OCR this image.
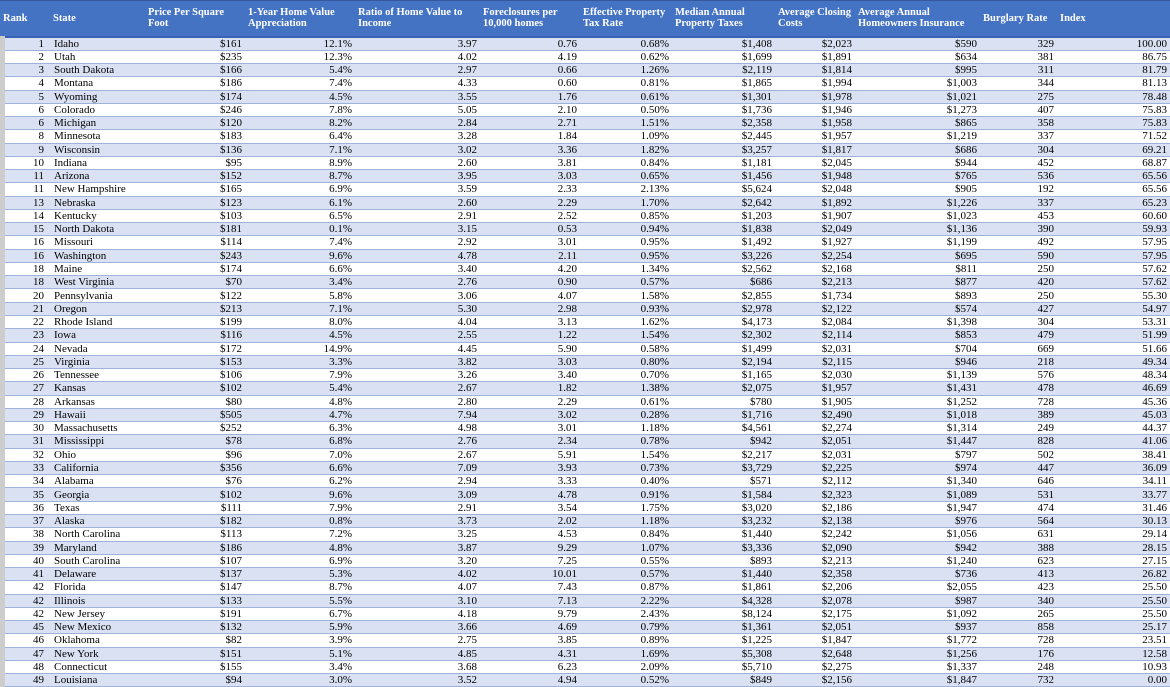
Rank	State	Price Per Square Foot	1-Year Home Value Appreciation	Ratio of Home Value to Income	Foreclosures per 10,000 homes	Effective Property Tax Rate	Median Annual Property Taxes	Average Closing Costs	Average Annual Homeowners Insurance	Burglary Rate	Index
1	Idaho	$161	12.1%	3.97	0.76	0.68%	$1,408	$2,023	$590	329	100.00
2	Utah	$235	12.3%	4.02	4.19	0.62%	$1,699	$1,891	$634	381	86.75
3	South Dakota	$166	5.4%	2.97	0.66	1.26%	$2,119	$1,814	$995	311	81.79
4	Montana	$186	7.4%	4.33	0.60	0.81%	$1,865	$1,994	$1,003	344	81.13
5	Wyoming	$174	4.5%	3.55	1.76	0.61%	$1,301	$1,978	$1,021	275	78.48
6	Colorado	$246	7.8%	5.05	2.10	0.50%	$1,736	$1,946	$1,273	407	75.83
6	Michigan	$120	8.2%	2.84	2.71	1.51%	$2,358	$1,958	$865	358	75.83
8	Minnesota	$183	6.4%	3.28	1.84	1.09%	$2,445	$1,957	$1,219	337	71.52
9	Wisconsin	$136	7.1%	3.02	3.36	1.82%	$3,257	$1,817	$686	304	69.21
10	Indiana	$95	8.9%	2.60	3.81	0.84%	$1,181	$2,045	$944	452	68.87
11	Arizona	$152	8.7%	3.95	3.03	0.65%	$1,456	$1,948	$765	536	65.56
11	New Hampshire	$165	6.9%	3.59	2.33	2.13%	$5,624	$2,048	$905	192	65.56
13	Nebraska	$123	6.1%	2.60	2.29	1.70%	$2,642	$1,892	$1,226	337	65.23
14	Kentucky	$103	6.5%	2.91	2.52	0.85%	$1,203	$1,907	$1,023	453	60.60
15	North Dakota	$181	0.1%	3.15	0.53	0.94%	$1,838	$2,049	$1,136	390	59.93
16	Missouri	$114	7.4%	2.92	3.01	0.95%	$1,492	$1,927	$1,199	492	57.95
16	Washington	$243	9.6%	4.78	2.11	0.95%	$3,226	$2,254	$695	590	57.95
18	Maine	$174	6.6%	3.40	4.20	1.34%	$2,562	$2,168	$811	250	57.62
18	West Virginia	$70	3.4%	2.76	0.90	0.57%	$686	$2,213	$877	420	57.62
20	Pennsylvania	$122	5.8%	3.06	4.07	1.58%	$2,855	$1,734	$893	250	55.30
21	Oregon	$213	7.1%	5.30	2.98	0.93%	$2,978	$2,122	$574	427	54.97
22	Rhode Island	$199	8.0%	4.04	3.13	1.62%	$4,173	$2,084	$1,398	304	53.31
23	Iowa	$116	4.5%	2.55	1.22	1.54%	$2,302	$2,114	$853	479	51.99
24	Nevada	$172	14.9%	4.45	5.90	0.58%	$1,499	$2,031	$704	669	51.66
25	Virginia	$153	3.3%	3.82	3.03	0.80%	$2,194	$2,115	$946	218	49.34
26	Tennessee	$106	7.9%	3.26	3.40	0.70%	$1,165	$2,030	$1,139	576	48.34
27	Kansas	$102	5.4%	2.67	1.82	1.38%	$2,075	$1,957	$1,431	478	46.69
28	Arkansas	$80	4.8%	2.80	2.29	0.61%	$780	$1,905	$1,252	728	45.36
29	Hawaii	$505	4.7%	7.94	3.02	0.28%	$1,716	$2,490	$1,018	389	45.03
30	Massachusetts	$252	6.3%	4.98	3.01	1.18%	$4,561	$2,274	$1,314	249	44.37
31	Mississippi	$78	6.8%	2.76	2.34	0.78%	$942	$2,051	$1,447	828	41.06
32	Ohio	$96	7.0%	2.67	5.91	1.54%	$2,217	$2,031	$797	502	38.41
33	California	$356	6.6%	7.09	3.93	0.73%	$3,729	$2,225	$974	447	36.09
34	Alabama	$76	6.2%	2.94	3.33	0.40%	$571	$2,112	$1,340	646	34.11
35	Georgia	$102	9.6%	3.09	4.78	0.91%	$1,584	$2,323	$1,089	531	33.77
36	Texas	$111	7.9%	2.91	3.54	1.75%	$3,020	$2,186	$1,947	474	31.46
37	Alaska	$182	0.8%	3.73	2.02	1.18%	$3,232	$2,138	$976	564	30.13
38	North Carolina	$113	7.2%	3.25	4.53	0.84%	$1,440	$2,242	$1,056	631	29.14
39	Maryland	$186	4.8%	3.87	9.29	1.07%	$3,336	$2,090	$942	388	28.15
40	South Carolina	$107	6.9%	3.20	7.25	0.55%	$893	$2,213	$1,240	623	27.15
41	Delaware	$137	5.3%	4.02	10.01	0.57%	$1,440	$2,358	$736	413	26.82
42	Florida	$147	8.7%	4.07	7.43	0.87%	$1,861	$2,206	$2,055	423	25.50
42	Illinois	$133	5.5%	3.10	7.13	2.22%	$4,328	$2,078	$987	340	25.50
42	New Jersey	$191	6.7%	4.18	9.79	2.43%	$8,124	$2,175	$1,092	265	25.50
45	New Mexico	$132	5.9%	3.66	4.69	0.79%	$1,361	$2,051	$937	858	25.17
46	Oklahoma	$82	3.9%	2.75	3.85	0.89%	$1,225	$1,847	$1,772	728	23.51
47	New York	$151	5.1%	4.85	4.31	1.69%	$5,308	$2,648	$1,256	176	12.58
48	Connecticut	$155	3.4%	3.68	6.23	2.09%	$5,710	$2,275	$1,337	248	10.93
49	Louisiana	$94	3.0%	3.52	4.94	0.52%	$849	$2,156	$1,847	732	0.00
